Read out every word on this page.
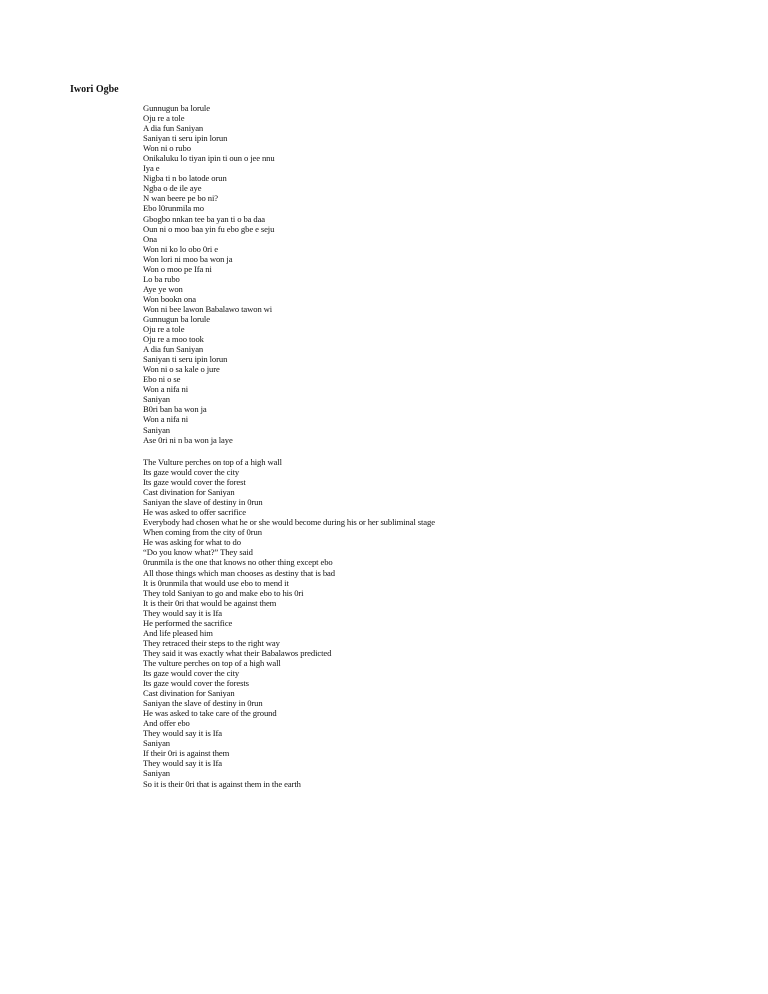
Iwori Ogbe
Gunnugun ba lorule
Oju re a tole
A dia fun Saniyan
Saniyan ti seru ipin lorun
Won ni o rubo
Onikaluku lo tiyan ipin ti oun o jee nnu
Iya e
Nigba ti n bo latode orun
Ngba o de ile aye
N wan beere pe bo ni?
Ebo l0runmila mo
Gbogbo nnkan tee ba yan ti o ba daa
Oun ni o moo baa yin fu ebo gbe e seju
Ona
Won ni ko lo obo 0ri e
Won lori ni moo ba won ja
Won o moo pe Ifa ni
Lo ba rubo
Aye ye won
Won bookn ona
Won ni bee lawon Babalawo tawon wi
Gunnugun ba lorule
Oju re a tole
Oju re a moo took
A dia fun Saniyan
Saniyan ti seru ipin lorun
Won ni o sa kale o jure
Ebo ni o se
Won a nifa ni
Saniyan
B0ri ban ba won ja
Won a nifa ni
Saniyan
Ase 0ri ni n ba won ja laye
The Vulture perches on top of a high wall
Its gaze would cover the city
Its gaze would cover the forest
Cast divination for Saniyan
Saniyan the slave of destiny in 0run
He was asked to offer sacrifice
Everybody had chosen what he or she would become during his or her subliminal stage
When coming from the city of 0run
He was asking for what to do
“Do you know what?” They said
0runmila is the one that knows no other thing except ebo
All those things which man chooses as destiny that is bad
It is 0runmila that would use ebo to mend it
They told Saniyan to go and make ebo to his 0ri
It is their 0ri that would be against them
They would say it is Ifa
He performed the sacrifice
And life pleased him
They retraced their steps to the right way
They said it was exactly what their Babalawos predicted
The vulture perches on top of a high wall
Its gaze would cover the city
Its gaze would cover the forests
Cast divination for Saniyan
Saniyan the slave of destiny in 0run
He was asked to take care of the ground
And offer ebo
They would say it is Ifa
Saniyan
If their 0ri is against them
They would say it is Ifa
Saniyan
So it is their 0ri that is against them in the earth
